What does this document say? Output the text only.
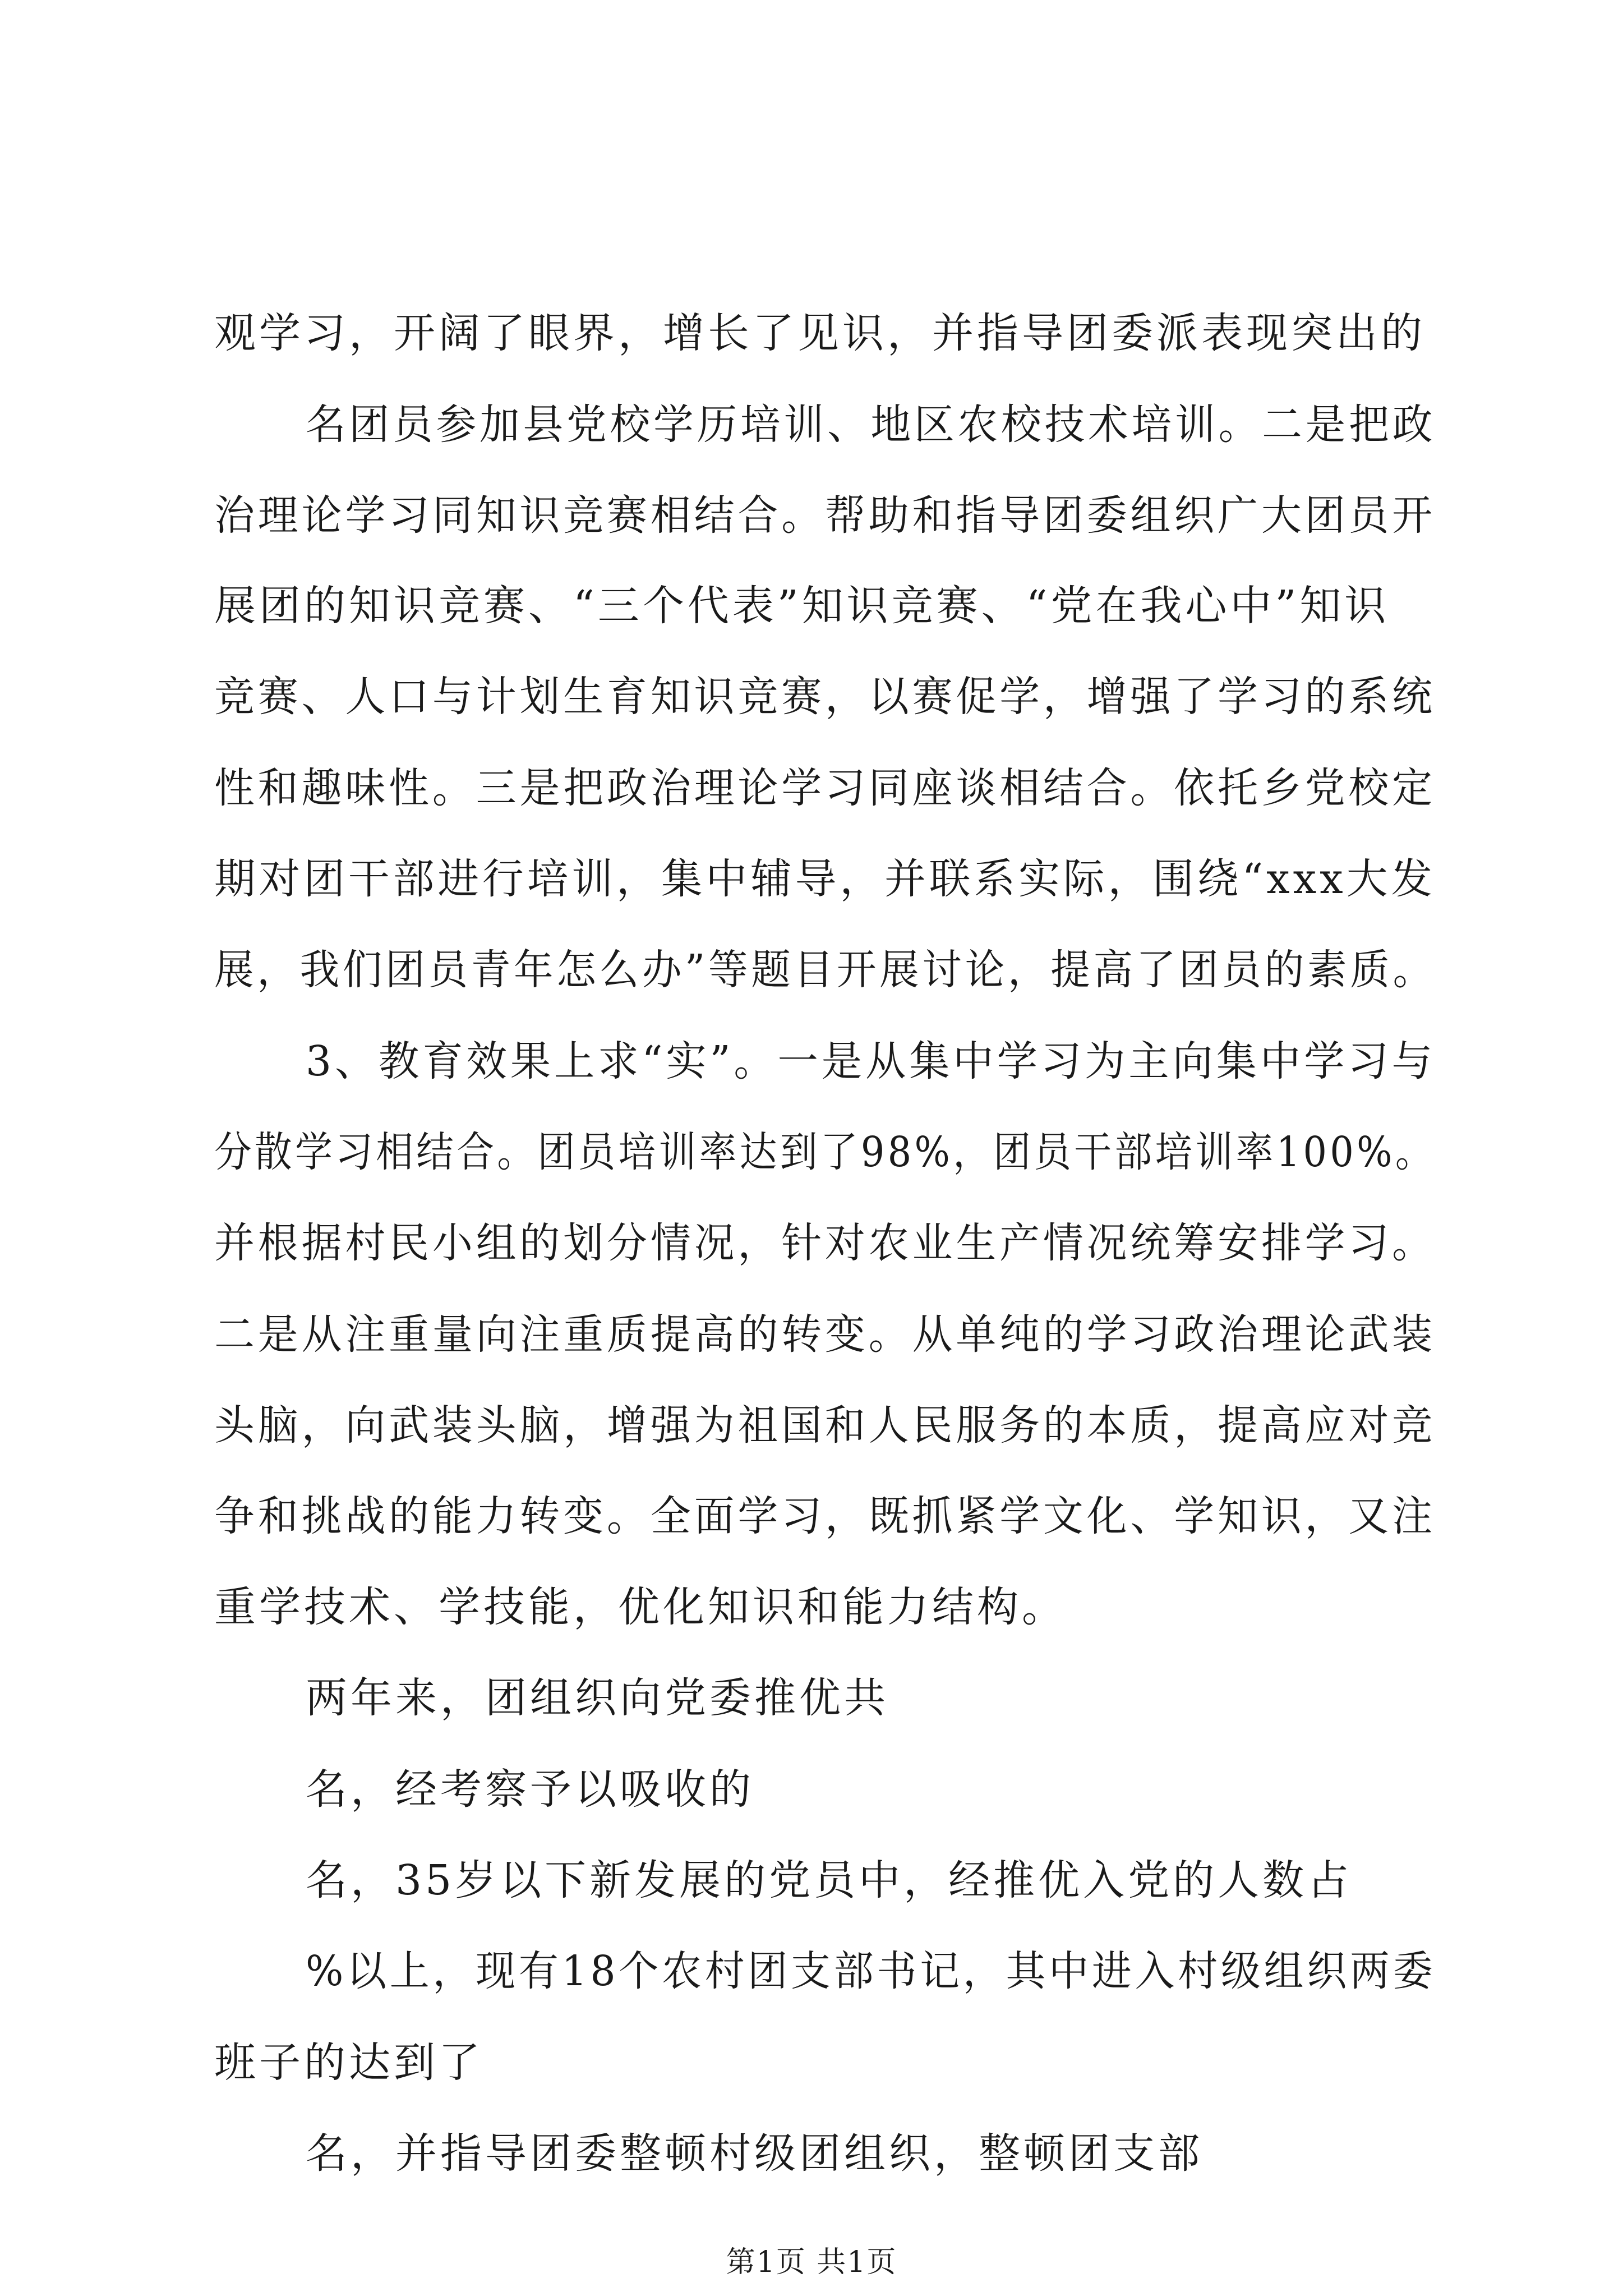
观学习，开阔了眼界，增长了见识，并指导团委派表现突出的
名团员参加县党校学历培训、地区农校技术培训。二是把政
治理论学习同知识竞赛相结合。帮助和指导团委组织广大团员开
展团的知识竞赛、“三个代表”知识竞赛、“党在我心中”知识
竞赛、人口与计划生育知识竞赛，以赛促学，增强了学习的系统
性和趣味性。三是把政治理论学习同座谈相结合。依托乡党校定
期对团干部进行培训，集中辅导，并联系实际，围绕“xxx大发
展，我们团员青年怎么办”等题目开展讨论，提高了团员的素质。
3、教育效果上求“实”。一是从集中学习为主向集中学习与
分散学习相结合。团员培训率达到了98%，团员干部培训率100%。
并根据村民小组的划分情况，针对农业生产情况统筹安排学习。
二是从注重量向注重质提高的转变。从单纯的学习政治理论武装
头脑，向武装头脑，增强为祖国和人民服务的本质，提高应对竞
争和挑战的能力转变。全面学习，既抓紧学文化、学知识，又注
重学技术、学技能，优化知识和能力结构。
两年来，团组织向党委推优共
名，经考察予以吸收的
名，35岁以下新发展的党员中，经推优入党的人数占
%以上，现有18个农村团支部书记，其中进入村级组织两委
班子的达到了
名，并指导团委整顿村级团组织，整顿团支部
第1页 共1页
